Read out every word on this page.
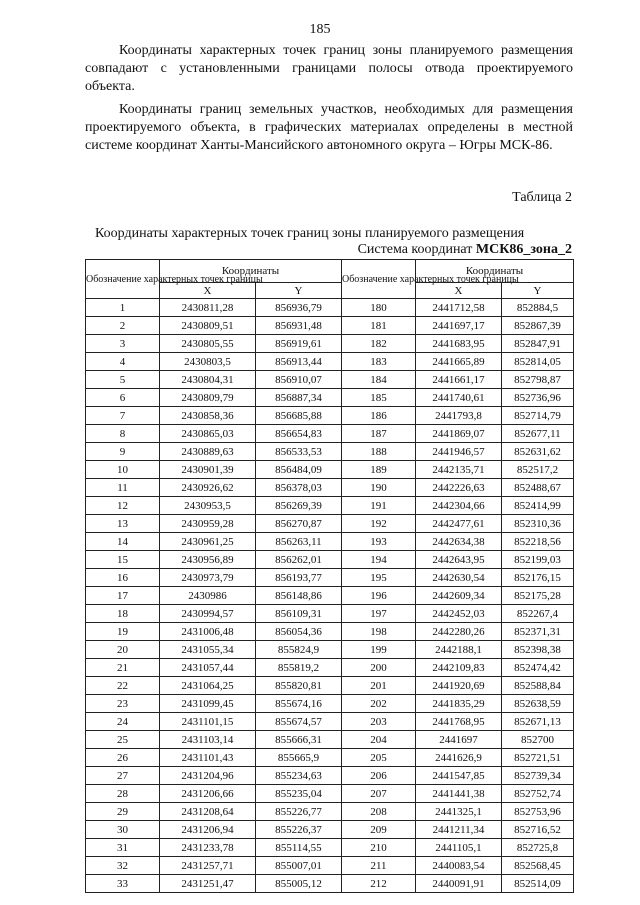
185

Координаты характерных точек границ зоны планируемого размещения совпадают с установленными границами полосы отвода проектируемого объекта.

Координаты границ земельных участков, необходимых для размещения проектируемого объекта, в графических материалах определены в местной системе координат Ханты-Мансийского автономного округа – Югры МСК-86.

Таблица 2
Координаты характерных точек границ зоны планируемого размещения
Система координат МСК86_зона_2
Обозначение характерных точек границы	Координаты		Обозначение характерных точек границы	Координаты	
	X	Y		X	Y
1	2430811,28	856936,79	180	2441712,58	852884,5
2	2430809,51	856931,48	181	2441697,17	852867,39
3	2430805,55	856919,61	182	2441683,95	852847,91
4	2430803,5	856913,44	183	2441665,89	852814,05
5	2430804,31	856910,07	184	2441661,17	852798,87
6	2430809,79	856887,34	185	2441740,61	852736,96
7	2430858,36	856685,88	186	2441793,8	852714,79
8	2430865,03	856654,83	187	2441869,07	852677,11
9	2430889,63	856533,53	188	2441946,57	852631,62
10	2430901,39	856484,09	189	2442135,71	852517,2
11	2430926,62	856378,03	190	2442226,63	852488,67
12	2430953,5	856269,39	191	2442304,66	852414,99
13	2430959,28	856270,87	192	2442477,61	852310,36
14	2430961,25	856263,11	193	2442634,38	852218,56
15	2430956,89	856262,01	194	2442643,95	852199,03
16	2430973,79	856193,77	195	2442630,54	852176,15
17	2430986	856148,86	196	2442609,34	852175,28
18	2430994,57	856109,31	197	2442452,03	852267,4
19	2431006,48	856054,36	198	2442280,26	852371,31
20	2431055,34	855824,9	199	2442188,1	852398,38
21	2431057,44	855819,2	200	2442109,83	852474,42
22	2431064,25	855820,81	201	2441920,69	852588,84
23	2431099,45	855674,16	202	2441835,29	852638,59
24	2431101,15	855674,57	203	2441768,95	852671,13
25	2431103,14	855666,31	204	2441697	852700
26	2431101,43	855665,9	205	2441626,9	852721,51
27	2431204,96	855234,63	206	2441547,85	852739,34
28	2431206,66	855235,04	207	2441441,38	852752,74
29	2431208,64	855226,77	208	2441325,1	852753,96
30	2431206,94	855226,37	209	2441211,34	852716,52
31	2431233,78	855114,55	210	2441105,1	852725,8
32	2431257,71	855007,01	211	2440083,54	852568,45
33	2431251,47	855005,12	212	2440091,91	852514,09
